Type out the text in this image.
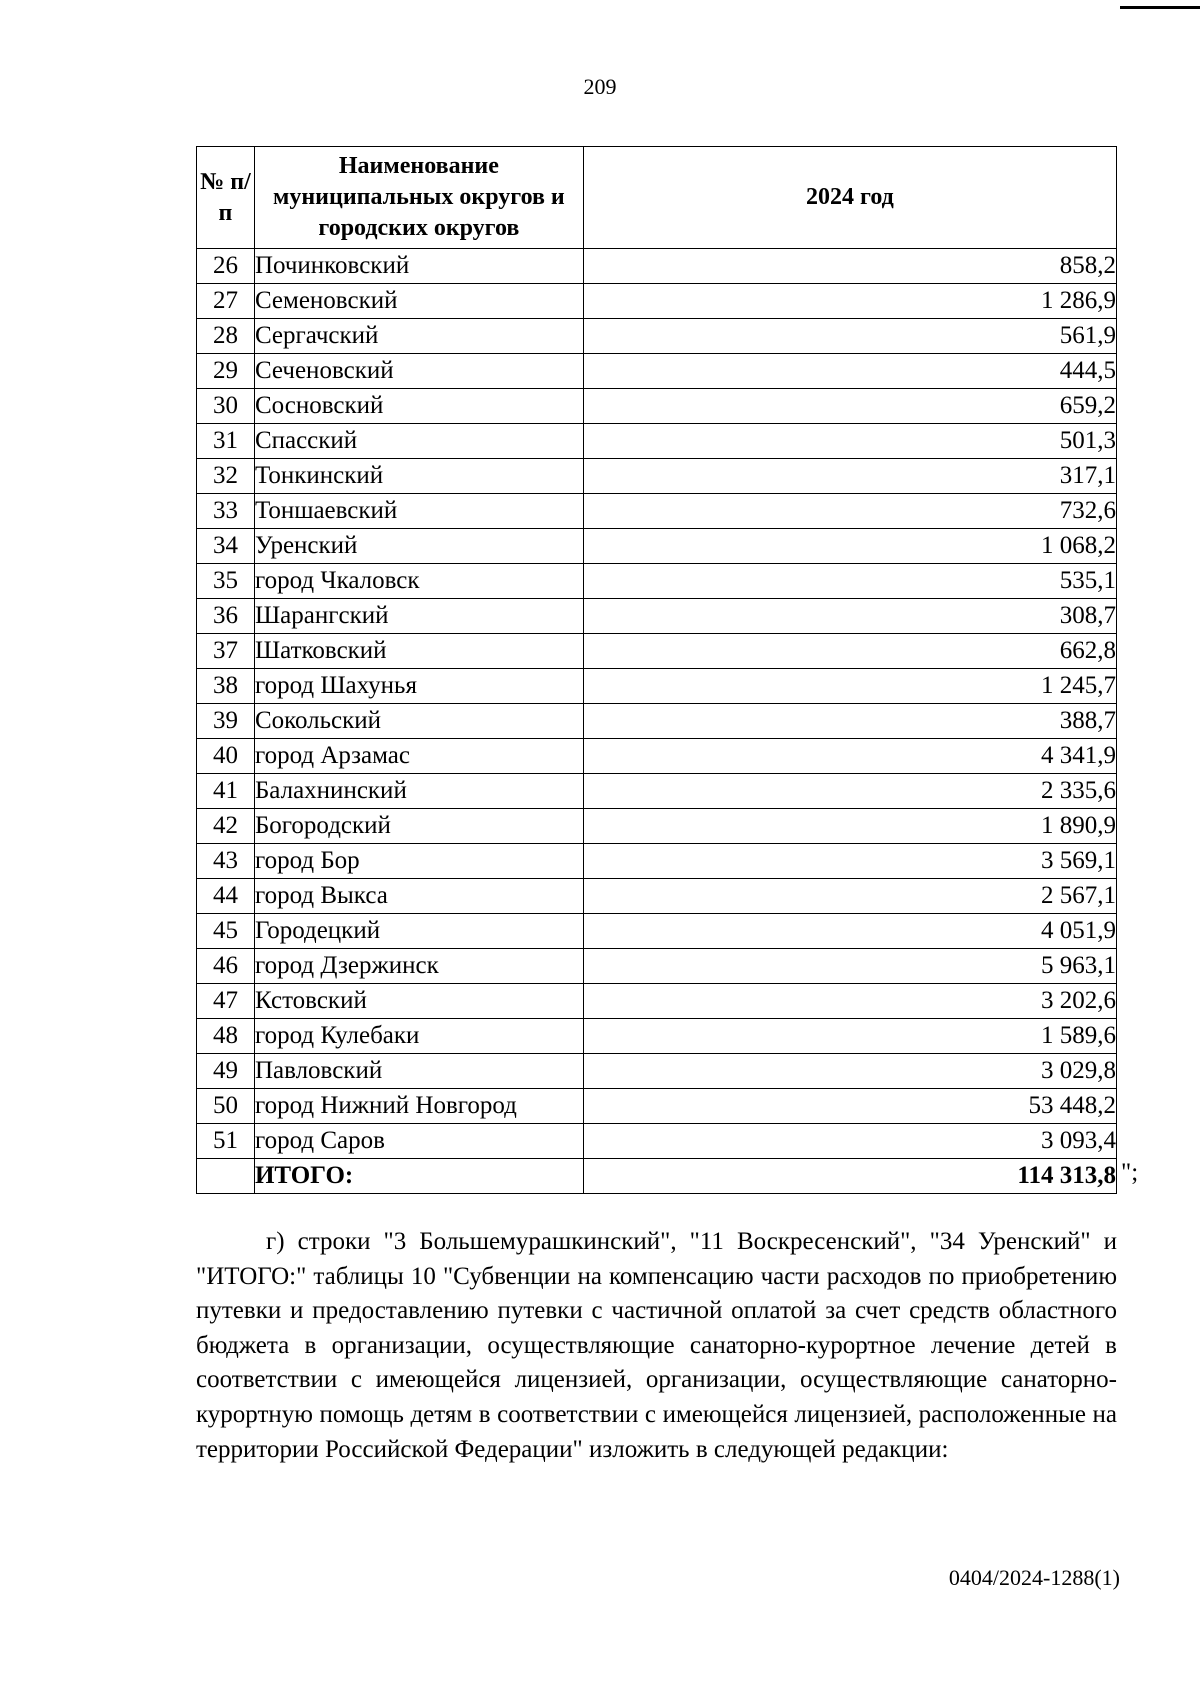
209
№ п/п	Наименование муниципальных округов и городских округов	2024 год
26	Починковский	858,2
27	Семеновский	1 286,9
28	Сергачский	561,9
29	Сеченовский	444,5
30	Сосновский	659,2
31	Спасский	501,3
32	Тонкинский	317,1
33	Тоншаевский	732,6
34	Уренский	1 068,2
35	город Чкаловск	535,1
36	Шарангский	308,7
37	Шатковский	662,8
38	город Шахунья	1 245,7
39	Сокольский	388,7
40	город Арзамас	4 341,9
41	Балахнинский	2 335,6
42	Богородский	1 890,9
43	город Бор	3 569,1
44	город Выкса	2 567,1
45	Городецкий	4 051,9
46	город Дзержинск	5 963,1
47	Кстовский	3 202,6
48	город Кулебаки	1 589,6
49	Павловский	3 029,8
50	город Нижний Новгород	53 448,2
51	город Саров	3 093,4
	ИТОГО:	114 313,8 ";

г) строки "3 Большемурашкинский", "11 Воскресенский", "34 Уренский" и "ИТОГО:" таблицы 10 "Субвенции на компенсацию части расходов по приобретению путевки и предоставлению путевки с частичной оплатой за счет средств областного бюджета в организации, осуществляющие санаторно-курортное лечение детей в соответствии с имеющейся лицензией, организации, осуществляющие санаторно-курортную помощь детям в соответствии с имеющейся лицензией, расположенные на территории Российской Федерации" изложить в следующей редакции:

0404/2024-1288(1)
